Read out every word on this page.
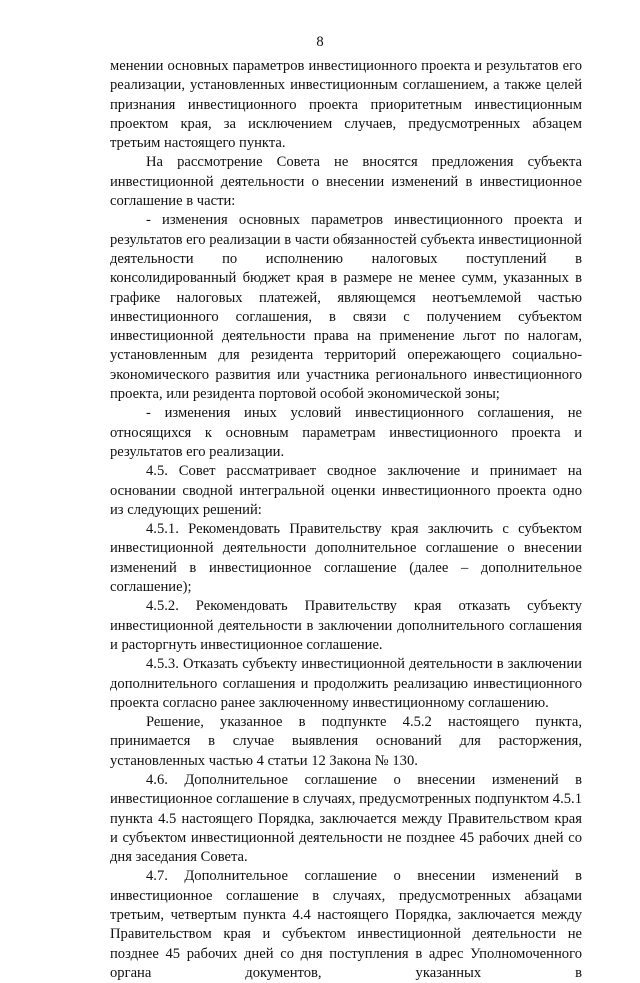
8

менении основных параметров инвестиционного проекта и результатов его реализации, установленных инвестиционным соглашением, а также целей признания инвестиционного проекта приоритетным инвестиционным проектом края, за исключением случаев, предусмотренных абзацем третьим настоящего пункта.

На рассмотрение Совета не вносятся предложения субъекта инвестиционной деятельности о внесении изменений в инвестиционное соглашение в части:

- изменения основных параметров инвестиционного проекта и результатов его реализации в части обязанностей субъекта инвестиционной деятельности по исполнению налоговых поступлений в консолидированный бюджет края в размере не менее сумм, указанных в графике налоговых платежей, являющемся неотъемлемой частью инвестиционного соглашения, в связи с получением субъектом инвестиционной деятельности права на применение льгот по налогам, установленным для резидента территорий опережающего социально-экономического развития или участника регионального инвестиционного проекта, или резидента портовой особой экономической зоны;

- изменения иных условий инвестиционного соглашения, не относящихся к основным параметрам инвестиционного проекта и результатов его реализации.

4.5. Совет рассматривает сводное заключение и принимает на основании сводной интегральной оценки инвестиционного проекта одно из следующих решений:

4.5.1. Рекомендовать Правительству края заключить с субъектом инвестиционной деятельности дополнительное соглашение о внесении изменений в инвестиционное соглашение (далее – дополнительное соглашение);

4.5.2. Рекомендовать Правительству края отказать субъекту инвестиционной деятельности в заключении дополнительного соглашения и расторгнуть инвестиционное соглашение.

4.5.3. Отказать субъекту инвестиционной деятельности в заключении дополнительного соглашения и продолжить реализацию инвестиционного проекта согласно ранее заключенному инвестиционному соглашению.

Решение, указанное в подпункте 4.5.2 настоящего пункта, принимается в случае выявления оснований для расторжения, установленных частью 4 статьи 12 Закона № 130.

4.6. Дополнительное соглашение о внесении изменений в инвестиционное соглашение в случаях, предусмотренных подпунктом 4.5.1 пункта 4.5 настоящего Порядка, заключается между Правительством края и субъектом инвестиционной деятельности не позднее 45 рабочих дней со дня заседания Совета.

4.7. Дополнительное соглашение о внесении изменений в инвестиционное соглашение в случаях, предусмотренных абзацами третьим, четвертым пункта 4.4 настоящего Порядка, заключается между Правительством края и субъектом инвестиционной деятельности не позднее 45 рабочих дней со дня поступления в адрес Уполномоченного органа документов, указанных в
